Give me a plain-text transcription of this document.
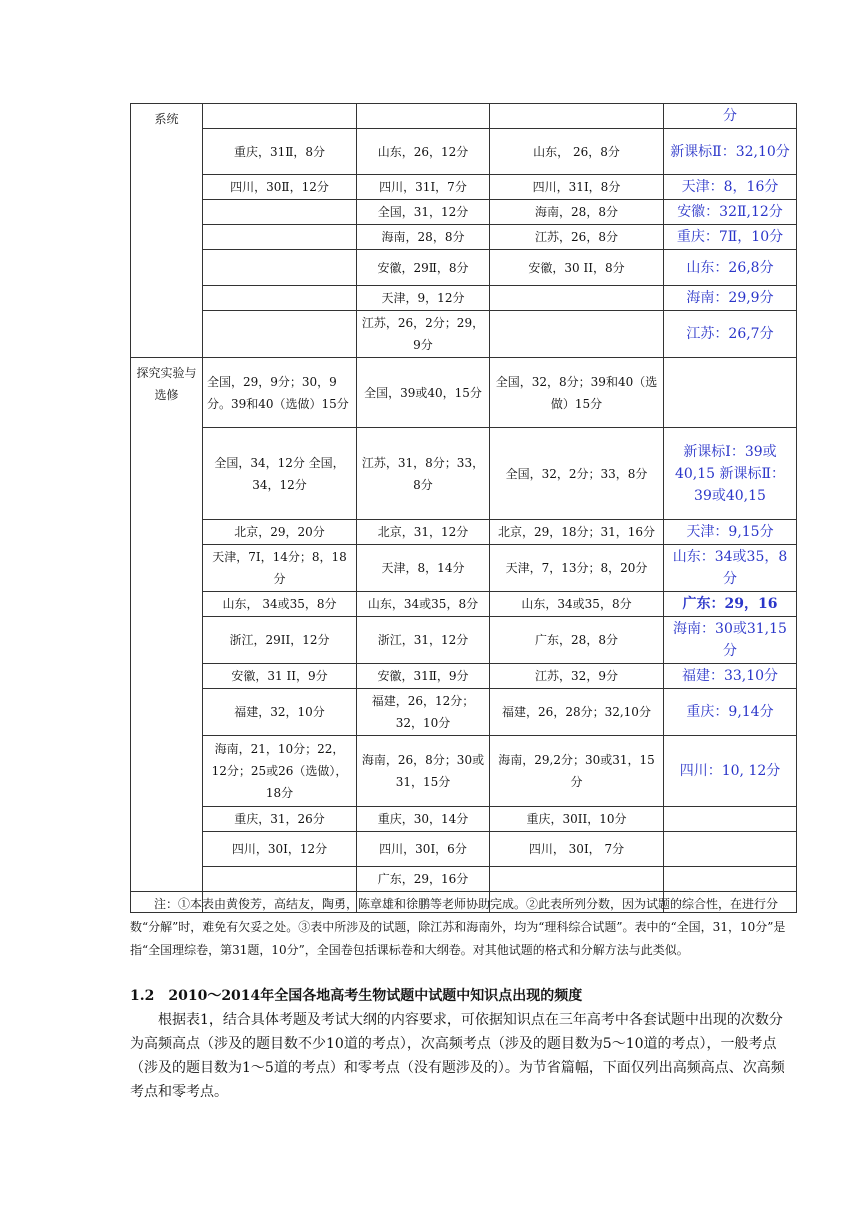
系统				分
	重庆，31Ⅱ，8分	山东，26，12分	山东， 26，8分	新课标Ⅱ：32,10分
	四川，30Ⅱ，12分	四川，31Ⅰ，7分	四川，31Ⅰ，8分	天津：8，16分
		全国，31，12分	海南，28，8分	安徽：32Ⅱ,12分
		海南，28，8分	江苏，26，8分	重庆：7Ⅱ，10分
		安徽，29Ⅱ，8分	安徽，30 II，8分	山东：26,8分
		天津，9，12分		海南：29,9分
		江苏，26，2分；29，9分		江苏：26,7分
探究实验与选修	全国，29，9分；30，9分。39和40（选做）15分	全国，39或40，15分	全国，32，8分；39和40（选做）15分	
	全国，34，12分 全国，34，12分	江苏，31，8分；33，8分	全国，32，2分；33，8分	新课标Ⅰ：39或40,15 新课标Ⅱ：39或40,15
	北京，29，20分	北京，31，12分	北京，29，18分；31，16分	天津：9,15分
	天津，7Ⅰ，14分；8，18分	天津，8，14分	天津，7，13分；8，20分	山东：34或35，8分
	山东， 34或35，8分	山东，34或35，8分	山东，34或35，8分	广东：29，16
	浙江，29II，12分	浙江，31，12分	广东，28，8分	海南：30或31,15分
	安徽，31 II，9分	安徽，31Ⅱ，9分	江苏，32，9分	福建：33,10分
	福建，32，10分	福建，26，12分；32，10分	福建，26，28分；32,10分	重庆：9,14分
	海南，21，10分；22，12分；25或26（选做），18分	海南，26，8分；30或31，15分	海南，29,2分；30或31，15分	四川：10, 12分
	重庆，31，26分	重庆，30，14分	重庆，30II，10分	
	四川，30I，12分	四川，30I，6分	四川， 30I， 7分	
		广东，29，16分		

注：①本表由黄俊芳，高结友，陶勇，陈章雄和徐鹏等老师协助完成。②此表所列分数，因为试题的综合性，在进行分数“分解”时，难免有欠妥之处。③表中所涉及的试题，除江苏和海南外，均为“理科综合试题”。表中的“全国，31，10分”是指“全国理综卷，第31题，10分”，全国卷包括课标卷和大纲卷。对其他试题的格式和分解方法与此类似。

1.2　2010～2014年全国各地高考生物试题中试题中知识点出现的频度

根据表1，结合具体考题及考试大纲的内容要求，可依据知识点在三年高考中各套试题中出现的次数分为高频高点（涉及的题目数不少10道的考点），次高频考点（涉及的题目数为5～10道的考点），一般考点（涉及的题目数为1～5道的考点）和零考点（没有题涉及的）。为节省篇幅，下面仅列出高频高点、次高频考点和零考点。
